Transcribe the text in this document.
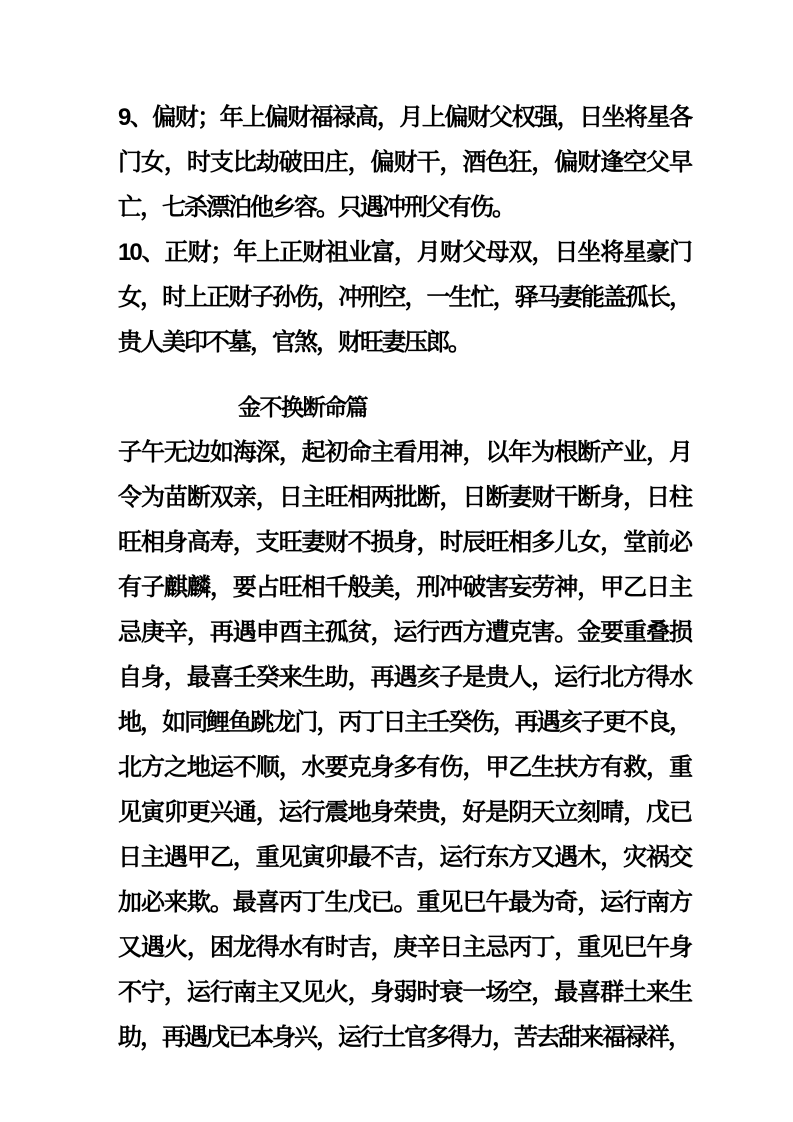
9、偏财；年上偏财福禄高，月上偏财父权强，日坐将星各
门女，时支比劫破田庄，偏财干，酒色狂，偏财逢空父早
亡，七杀漂泊他乡容。只遇冲刑父有伤。
10、正财；年上正财祖业富，月财父母双，日坐将星豪门
女，时上正财子孙伤，冲刑空，一生忙，驿马妻能盖孤长，
贵人美印不墓，官煞，财旺妻压郎。
金不换断命篇
子午无边如海深，起初命主看用神，以年为根断产业，月
令为苗断双亲，日主旺相两批断，日断妻财干断身，日柱
旺相身高寿，支旺妻财不损身，时辰旺相多儿女，堂前必
有子麒麟，要占旺相千般美，刑冲破害妄劳神，甲乙日主
忌庚辛，再遇申酉主孤贫，运行西方遭克害。金要重叠损
自身，最喜壬癸来生助，再遇亥子是贵人，运行北方得水
地，如同鲤鱼跳龙门，丙丁日主壬癸伤，再遇亥子更不良，
北方之地运不顺，水要克身多有伤，甲乙生扶方有救，重
见寅卯更兴通，运行震地身荣贵，好是阴天立刻晴，戊已
日主遇甲乙，重见寅卯最不吉，运行东方又遇木，灾祸交
加必来欺。最喜丙丁生戊已。重见巳午最为奇，运行南方
又遇火，困龙得水有时吉，庚辛日主忌丙丁，重见巳午身
不宁，运行南主又见火，身弱时衰一场空，最喜群土来生
助，再遇戊已本身兴，运行土官多得力，苦去甜来福禄祥，
